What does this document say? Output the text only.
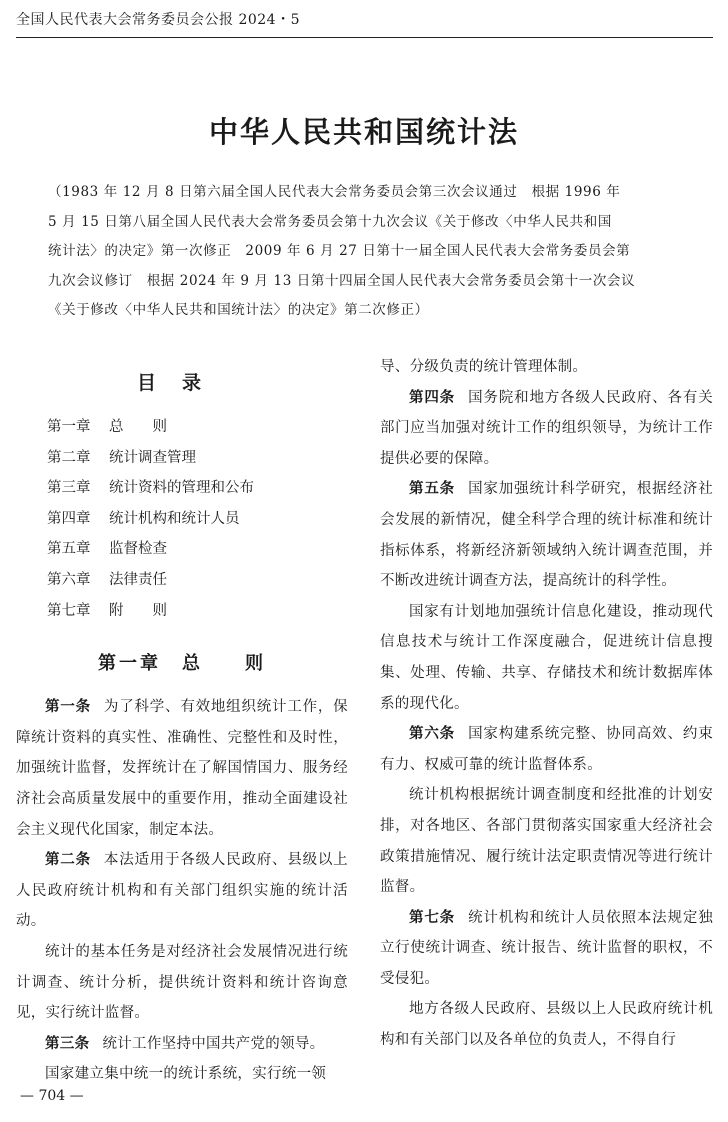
全国人民代表大会常务委员会公报 2024・5
中华人民共和国统计法

（1983 年 12 月 8 日第六届全国人民代表大会常务委员会第三次会议通过　根据 1996 年

5 月 15 日第八届全国人民代表大会常务委员会第十九次会议《关于修改〈中华人民共和国

统计法〉的决定》第一次修正　2009 年 6 月 27 日第十一届全国人民代表大会常务委员会第

九次会议修订　根据 2024 年 9 月 13 日第十四届全国人民代表大会常务委员会第十一次会议

《关于修改〈中华人民共和国统计法〉的决定》第二次修正）

目录
第一章 总　　则
第二章 统计调查管理
第三章 统计资料的管理和公布
第四章 统计机构和统计人员
第五章 监督检查
第六章 法律责任
第七章 附　　则
第一章　总　　则

第一条 为了科学、有效地组织统计工作，保障统计资料的真实性、准确性、完整性和及时性，加强统计监督，发挥统计在了解国情国力、服务经济社会高质量发展中的重要作用，推动全面建设社会主义现代化国家，制定本法。

第二条 本法适用于各级人民政府、县级以上人民政府统计机构和有关部门组织实施的统计活动。

统计的基本任务是对经济社会发展情况进行统计调查、统计分析，提供统计资料和统计咨询意见，实行统计监督。

第三条 统计工作坚持中国共产党的领导。

国家建立集中统一的统计系统，实行统一领

导、分级负责的统计管理体制。

第四条 国务院和地方各级人民政府、各有关部门应当加强对统计工作的组织领导，为统计工作提供必要的保障。

第五条 国家加强统计科学研究，根据经济社会发展的新情况，健全科学合理的统计标准和统计指标体系，将新经济新领域纳入统计调查范围，并不断改进统计调查方法，提高统计的科学性。

国家有计划地加强统计信息化建设，推动现代信息技术与统计工作深度融合，促进统计信息搜集、处理、传输、共享、存储技术和统计数据库体系的现代化。

第六条 国家构建系统完整、协同高效、约束有力、权威可靠的统计监督体系。

统计机构根据统计调查制度和经批准的计划安排，对各地区、各部门贯彻落实国家重大经济社会政策措施情况、履行统计法定职责情况等进行统计监督。

第七条 统计机构和统计人员依照本法规定独立行使统计调查、统计报告、统计监督的职权，不受侵犯。

地方各级人民政府、县级以上人民政府统计机构和有关部门以及各单位的负责人，不得自行

— 704 —
